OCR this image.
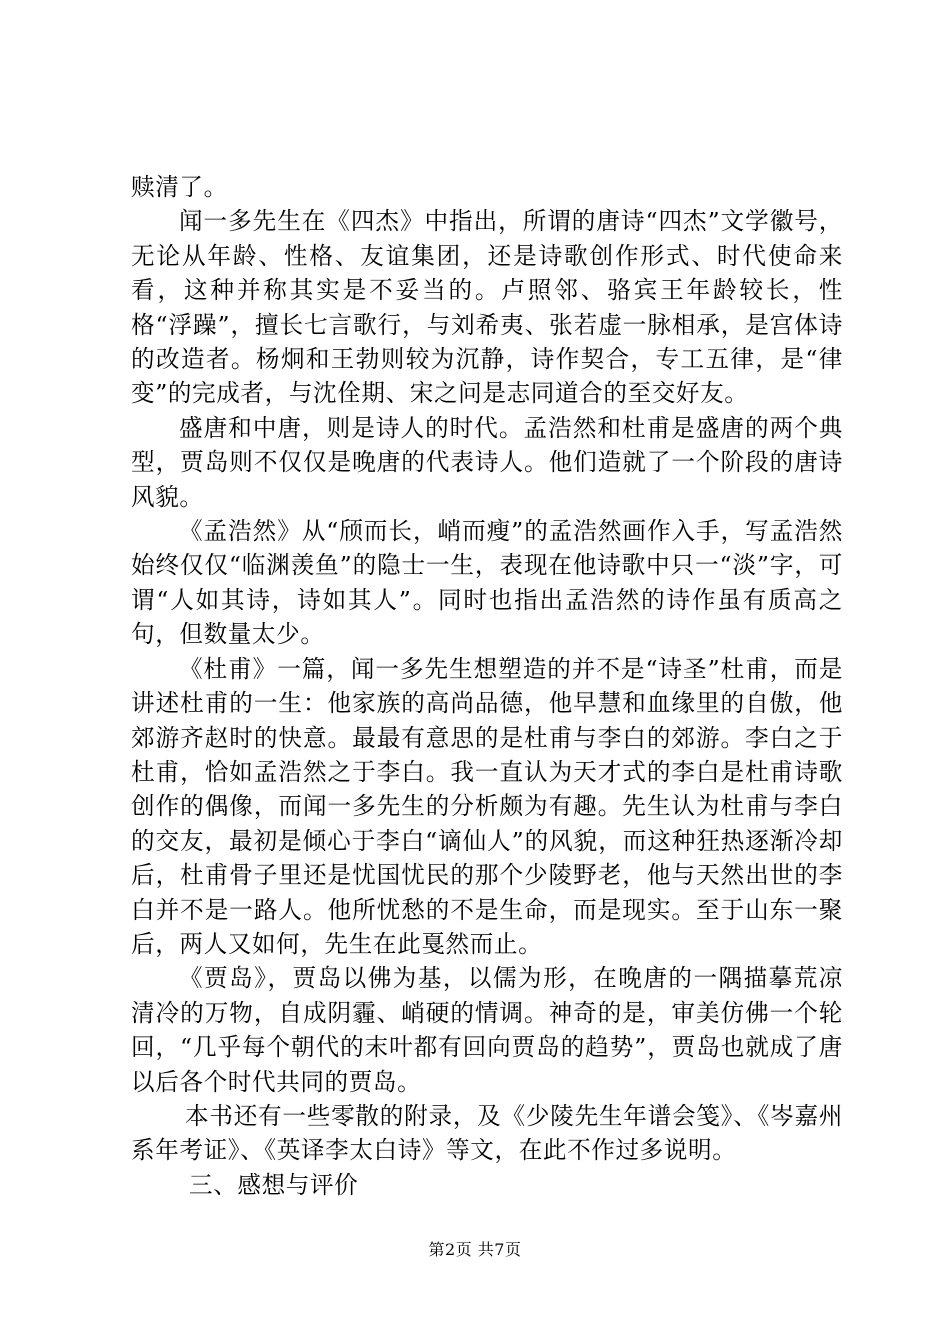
赎清了。

闻一多先生在《四杰》中指出，所谓的唐诗“四杰”文学徽号，无论从年龄、性格、友谊集团，还是诗歌创作形式、时代使命来看，这种并称其实是不妥当的。卢照邻、骆宾王年龄较长，性格“浮躁”，擅长七言歌行，与刘希夷、张若虚一脉相承，是宫体诗的改造者。杨炯和王勃则较为沉静，诗作契合，专工五律，是“律变”的完成者，与沈佺期、宋之问是志同道合的至交好友。

盛唐和中唐，则是诗人的时代。孟浩然和杜甫是盛唐的两个典型，贾岛则不仅仅是晚唐的代表诗人。他们造就了一个阶段的唐诗风貌。

《孟浩然》从“颀而长，峭而瘦”的孟浩然画作入手，写孟浩然始终仅仅“临渊羡鱼”的隐士一生，表现在他诗歌中只一“淡”字，可谓“人如其诗，诗如其人”。同时也指出孟浩然的诗作虽有质高之句，但数量太少。

《杜甫》一篇，闻一多先生想塑造的并不是“诗圣”杜甫，而是讲述杜甫的一生：他家族的高尚品德，他早慧和血缘里的自傲，他郊游齐赵时的快意。最最有意思的是杜甫与李白的郊游。李白之于杜甫，恰如孟浩然之于李白。我一直认为天才式的李白是杜甫诗歌创作的偶像，而闻一多先生的分析颇为有趣。先生认为杜甫与李白的交友，最初是倾心于李白“谪仙人”的风貌，而这种狂热逐渐冷却后，杜甫骨子里还是忧国忧民的那个少陵野老，他与天然出世的李白并不是一路人。他所忧愁的不是生命，而是现实。至于山东一聚后，两人又如何，先生在此戛然而止。

《贾岛》，贾岛以佛为基，以儒为形，在晚唐的一隅描摹荒凉清冷的万物，自成阴霾、峭硬的情调。神奇的是，审美仿佛一个轮回，“几乎每个朝代的末叶都有回向贾岛的趋势”，贾岛也就成了唐以后各个时代共同的贾岛。

本书还有一些零散的附录，及《少陵先生年谱会笺》、《岑嘉州系年考证》、《英译李太白诗》等文，在此不作过多说明。

三、感想与评价

第2页 共7页
